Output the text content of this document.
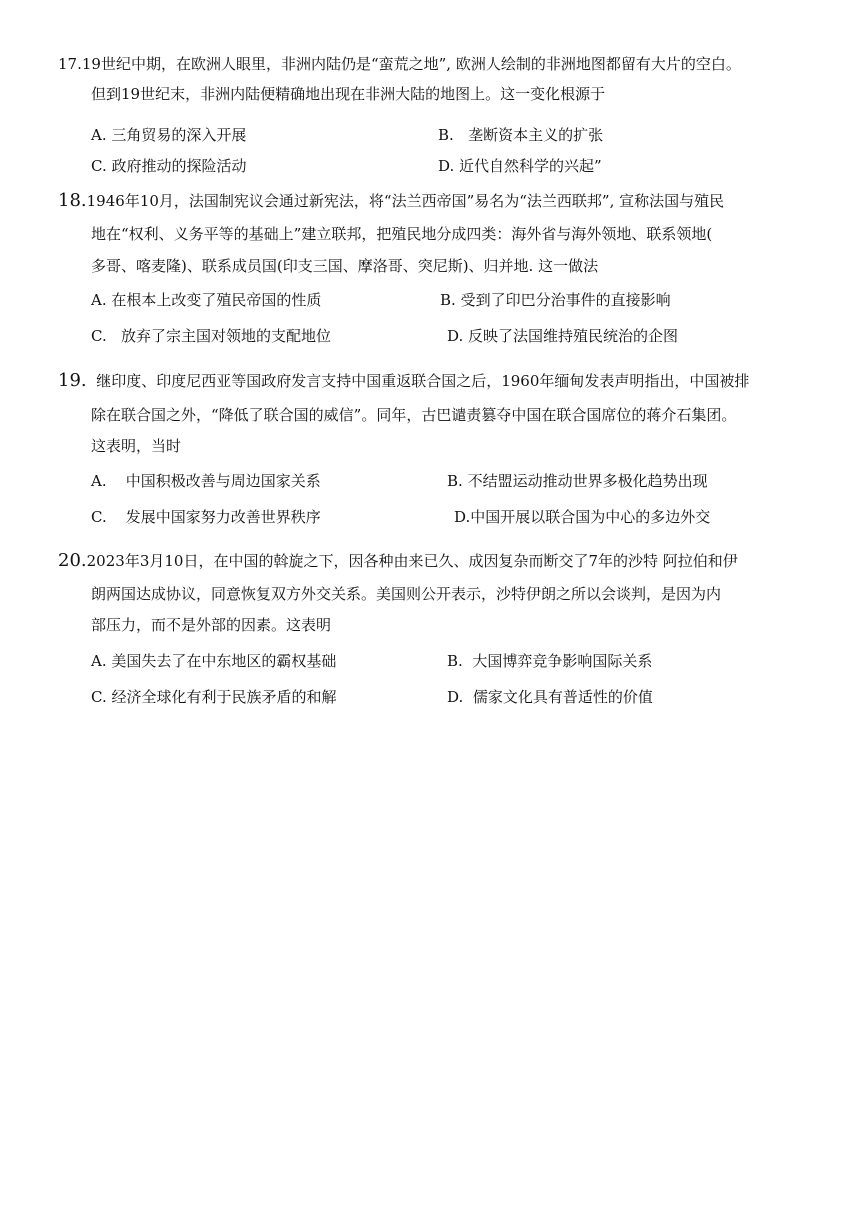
17.19世纪中期，在欧洲人眼里，非洲内陆仍是“蛮荒之地”, 欧洲人绘制的非洲地图都留有大片的空白。
但到19世纪末，非洲内陆便精确地出现在非洲大陆的地图上。这一变化根源于
A. 三角贸易的深入开展	B. 垄断资本主义的扩张
C. 政府推动的探险活动	D. 近代自然科学的兴起”
18.1946年10月，法国制宪议会通过新宪法，将“法兰西帝国”易名为“法兰西联邦”, 宣称法国与殖民
地在“权利、义务平等的基础上”建立联邦，把殖民地分成四类：海外省与海外领地、联系领地(
多哥、喀麦隆)、联系成员国(印支三国、摩洛哥、突尼斯)、归并地. 这一做法
A. 在根本上改变了殖民帝国的性质	B. 受到了印巴分治事件的直接影响
C. 放弃了宗主国对领地的支配地位	D. 反映了法国维持殖民统治的企图
19. 继印度、印度尼西亚等国政府发言支持中国重返联合国之后，1960年缅甸发表声明指出，中国被排
除在联合国之外，“降低了联合国的威信”。同年，古巴谴责篡夺中国在联合国席位的蒋介石集团。
这表明，当时
A. 中国积极改善与周边国家关系	B. 不结盟运动推动世界多极化趋势出现
C. 发展中国家努力改善世界秩序	D.中国开展以联合国为中心的多边外交
20.2023年3月10日，在中国的斡旋之下，因各种由来已久、成因复杂而断交了7年的沙特 阿拉伯和伊
朗两国达成协议，同意恢复双方外交关系。美国则公开表示，沙特伊朗之所以会谈判，是因为内
部压力，而不是外部的因素。这表明
A. 美国失去了在中东地区的霸权基础	B. 大国博弈竞争影响国际关系
C. 经济全球化有利于民族矛盾的和解	D. 儒家文化具有普适性的价值
